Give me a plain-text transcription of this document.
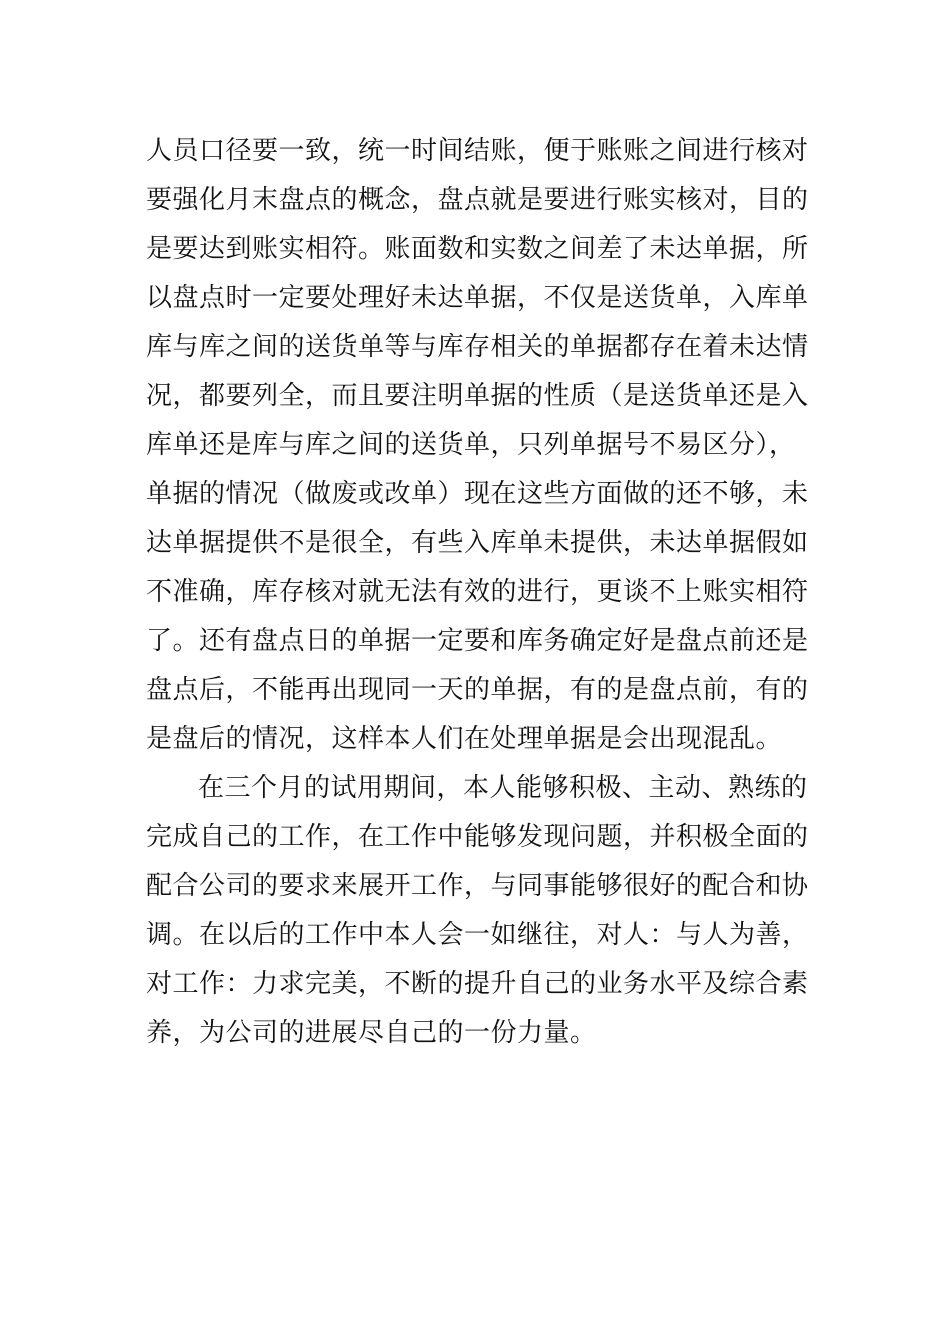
人员口径要一致，统一时间结账，便于账账之间进行核对
要强化月末盘点的概念，盘点就是要进行账实核对，目的
是要达到账实相符。账面数和实数之间差了未达单据，所
以盘点时一定要处理好未达单据，不仅是送货单，入库单
库与库之间的送货单等与库存相关的单据都存在着未达情
况，都要列全，而且要注明单据的性质（是送货单还是入
库单还是库与库之间的送货单，只列单据号不易区分），
单据的情况（做废或改单）现在这些方面做的还不够，未
达单据提供不是很全，有些入库单未提供，未达单据假如
不准确，库存核对就无法有效的进行，更谈不上账实相符
了。还有盘点日的单据一定要和库务确定好是盘点前还是
盘点后，不能再出现同一天的单据，有的是盘点前，有的
是盘后的情况，这样本人们在处理单据是会出现混乱。
在三个月的试用期间，本人能够积极、主动、熟练的
完成自己的工作，在工作中能够发现问题，并积极全面的
配合公司的要求来展开工作，与同事能够很好的配合和协
调。在以后的工作中本人会一如继往，对人：与人为善，
对工作：力求完美，不断的提升自己的业务水平及综合素
养，为公司的进展尽自己的一份力量。
